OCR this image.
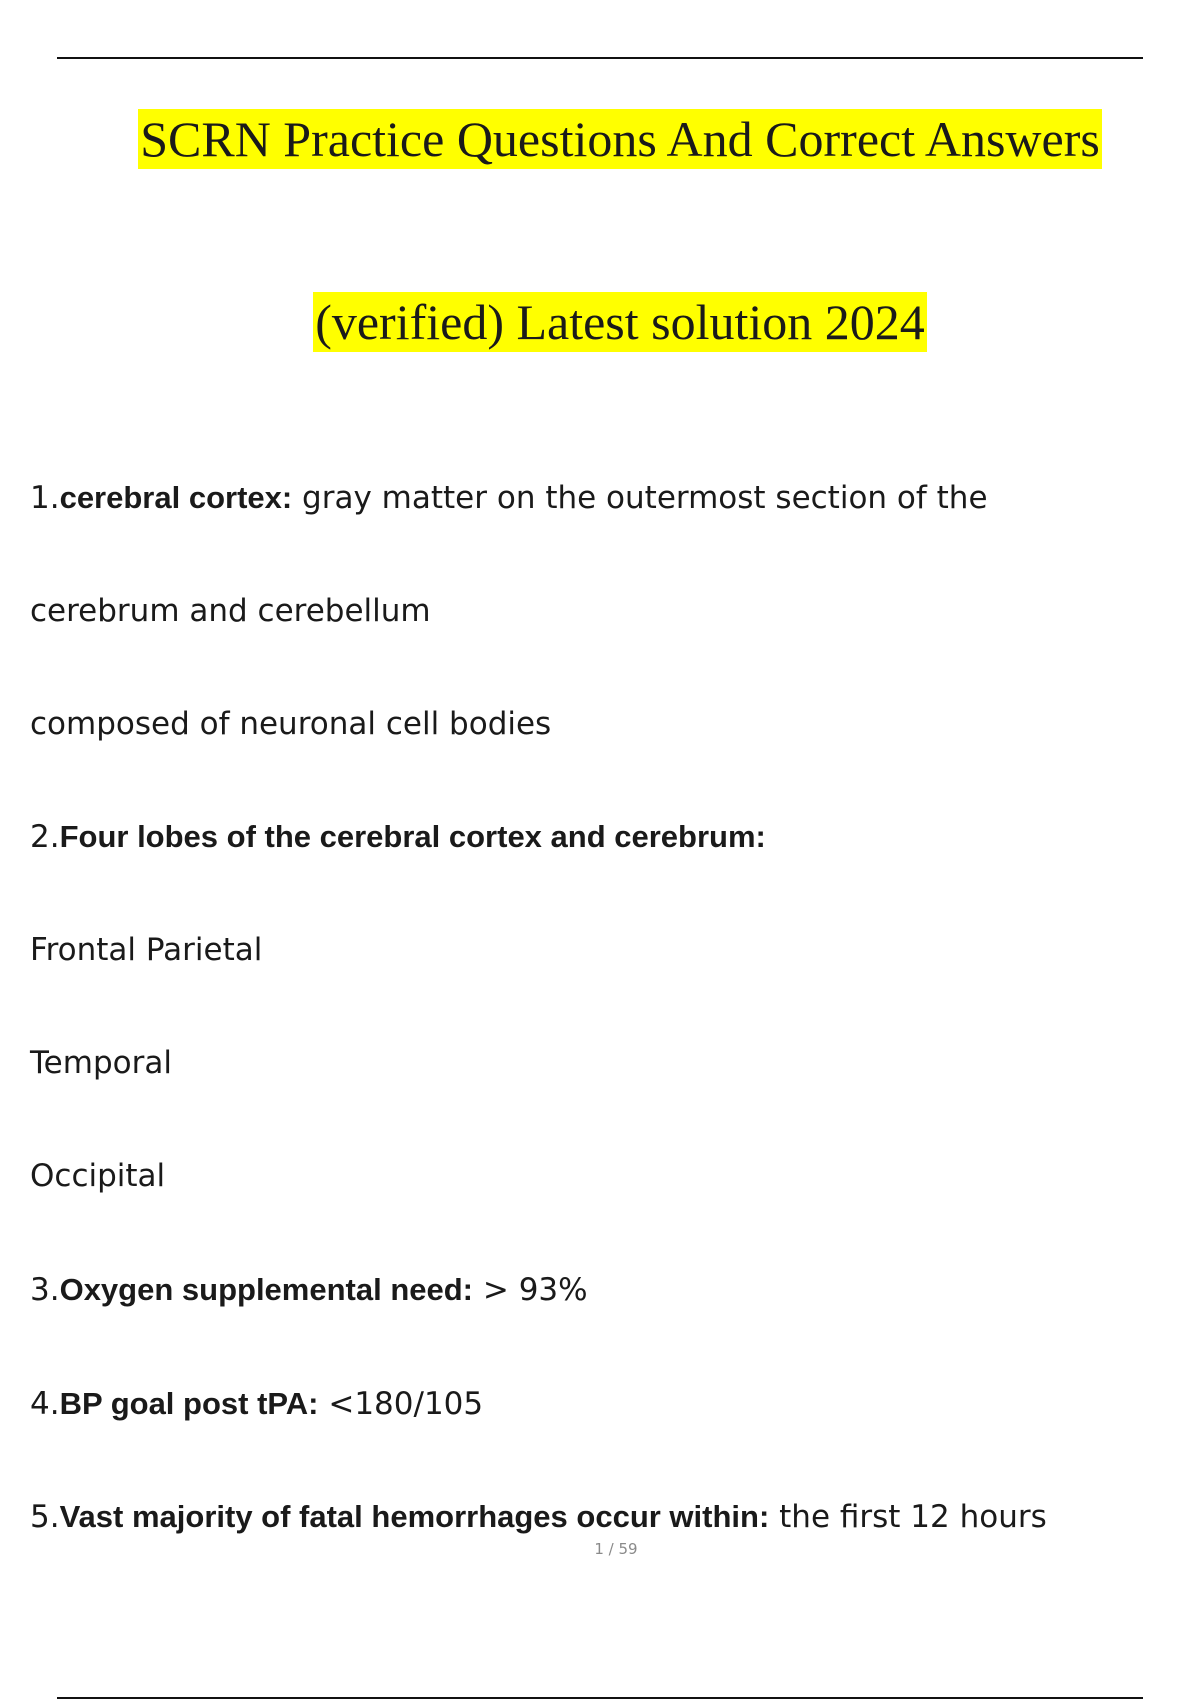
SCRN Practice Questions And Correct Answers
(verified) Latest solution 2024
1.cerebral cortex: gray matter on the outermost section of the
cerebrum and cerebellum
composed of neuronal cell bodies
2.Four lobes of the cerebral cortex and cerebrum:
Frontal Parietal
Temporal
Occipital
3.Oxygen supplemental need: > 93%
4.BP goal post tPA: <180/105
5.Vast majority of fatal hemorrhages occur within: the first 12 hours
1 / 59
